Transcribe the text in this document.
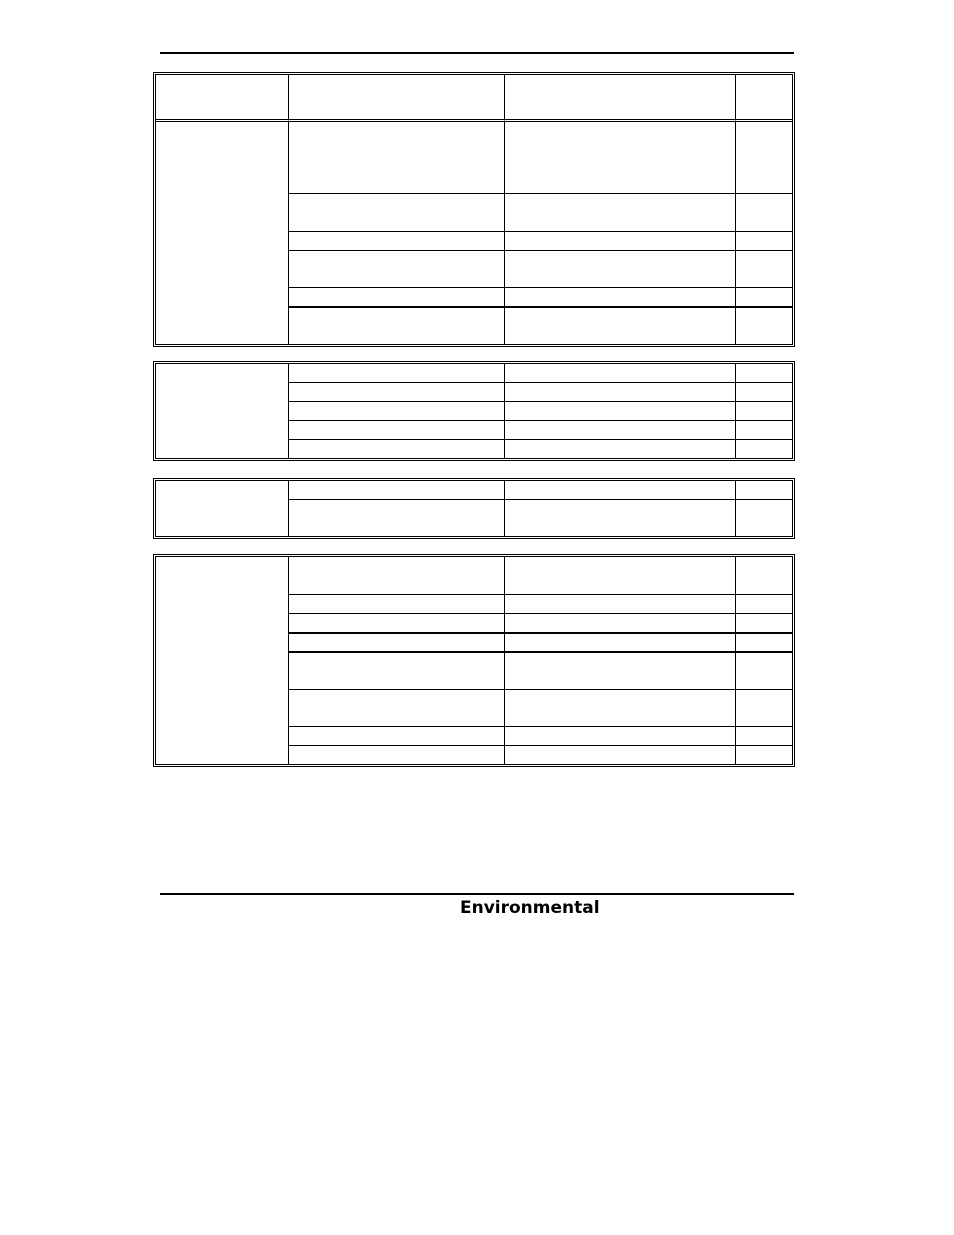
Environmental
